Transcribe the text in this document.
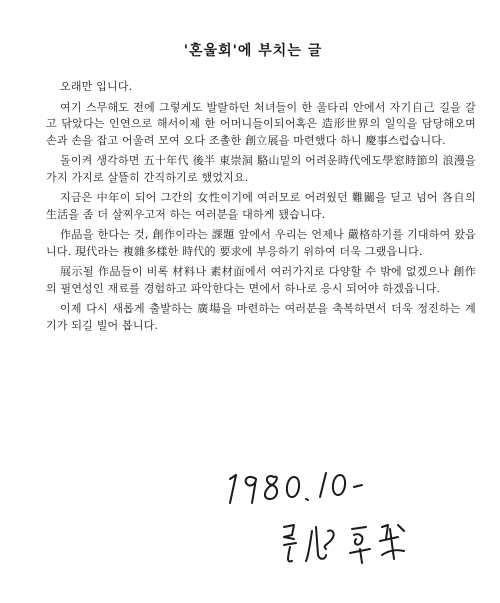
'혼울회'에 부치는 글

오래만 입니다.

여기 스무해도 전에 그렇게도 발랄하던 처녀들이 한 울타리 안에서 자기自己 길을 갈고 닦았다는 인연으로 해서이제 한 어머니들이되어혹은 造形世界의 일익을 담당해오며 손과 손을 잡고 어울려 모여 오다 조촐한 創立展을 마련했다 하니 慶事스럽습니다.

돌이켜 생각하면 五十年代 後半 東崇洞 駱山밑의 어려운時代에도學窓時節의 浪漫을가지 가지로 살뜰히 간직하기로 했었지요.

지금은 中年이 되어 그간의 女性이기에 여러모로 어려웠던 難關을 딛고 넘어 各自의生活을 좀 더 살찌우고저 하는 여러분을 대하게 됐습니다.

作品을 한다는 것, 創作이라는 課題 앞에서 우리는 언제나 嚴格하기를 기대하여 왔읍니다. 現代라는 複雜多樣한 時代的 要求에 부응하기 위하여 더욱 그랬읍니다.

展示될 作品들이 비록 材料나 素材面에서 여러가지로 다양할 수 밖에 없겠으나 創作의 필연성인 재료를 경험하고 파악한다는 면에서 하나로 응시 되어야 하겠읍니다.

이제 다시 새롭게 출발하는 廣場을 마련하는 여러분을 축복하면서 더욱 정진하는 계기가 되길 빌어 봅니다.
